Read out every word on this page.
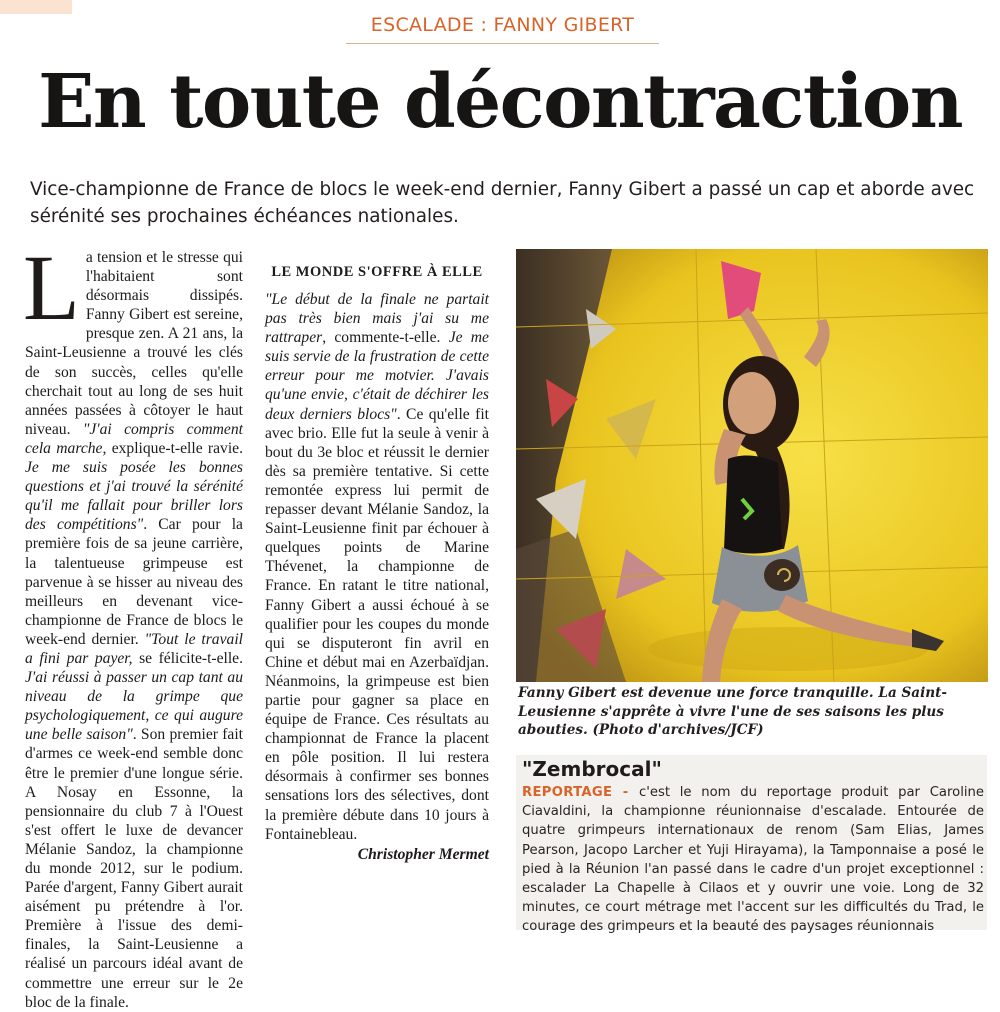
ESCALADE : FANNY GIBERT
En toute décontraction
Vice-championne de France de blocs le week-end dernier, Fanny Gibert a passé un cap et aborde avec sérénité ses prochaines échéances nationales.
L a tension et le stresse qui l'habitaient sont désormais dissipés. Fanny Gibert est sereine, presque zen. A 21 ans, la Saint-Leusienne a trouvé les clés de son succès, celles qu'elle cherchait tout au long de ses huit années passées à côtoyer le haut niveau. "J'ai compris comment cela marche, explique-t-elle ravie. Je me suis posée les bonnes questions et j'ai trouvé la sérénité qu'il me fallait pour briller lors des compétitions". Car pour la première fois de sa jeune carrière, la talentueuse grimpeuse est parvenue à se hisser au niveau des meilleurs en devenant vice-championne de France de blocs le week-end dernier. "Tout le travail a fini par payer, se félicite-t-elle. J'ai réussi à passer un cap tant au niveau de la grimpe que psychologiquement, ce qui augure une belle saison". Son premier fait d'armes ce week-end semble donc être le premier d'une longue série. A Nosay en Essonne, la pensionnaire du club 7 à l'Ouest s'est offert le luxe de devancer Mélanie Sandoz, la championne du monde 2012, sur le podium. Parée d'argent, Fanny Gibert aurait aisément pu prétendre à l'or. Première à l'issue des demi-finales, la Saint-Leusienne a réalisé un parcours idéal avant de commettre une erreur sur le 2e bloc de la finale.

LE MONDE S'OFFRE À ELLE

"Le début de la finale ne partait pas très bien mais j'ai su me rattraper, commente-t-elle. Je me suis servie de la frustration de cette erreur pour me motvier. J'avais qu'une envie, c'était de déchirer les deux derniers blocs". Ce qu'elle fit avec brio. Elle fut la seule à venir à bout du 3e bloc et réussit le dernier dès sa première tentative. Si cette remontée express lui permit de repasser devant Mélanie Sandoz, la Saint-Leusienne finit par échouer à quelques points de Marine Thévenet, la championne de France. En ratant le titre national, Fanny Gibert a aussi échoué à se qualifier pour les coupes du monde qui se disputeront fin avril en Chine et début mai en Azerbaïdjan. Néanmoins, la grimpeuse est bien partie pour gagner sa place en équipe de France. Ces résultats au championnat de France la placent en pôle position. Il lui restera désormais à confirmer ses bonnes sensations lors des sélectives, dont la première débute dans 10 jours à Fontainebleau.

Christopher Mermet
Fanny Gibert est devenue une force tranquille. La Saint-Leusienne s'apprête à vivre l'une de ses saisons les plus abouties. (Photo d'archives/JCF)
"Zembrocal"
REPORTAGE - c'est le nom du reportage produit par Caroline Ciavaldini, la championne réunionnaise d'escalade. Entourée de quatre grimpeurs internationaux de renom (Sam Elias, James Pearson, Jacopo Larcher et Yuji Hirayama), la Tamponnaise a posé le pied à la Réunion l'an passé dans le cadre d'un projet exceptionnel : escalader La Chapelle à Cilaos et y ouvrir une voie. Long de 32 minutes, ce court métrage met l'accent sur les difficultés du Trad, le courage des grimpeurs et la beauté des paysages réunionnais
